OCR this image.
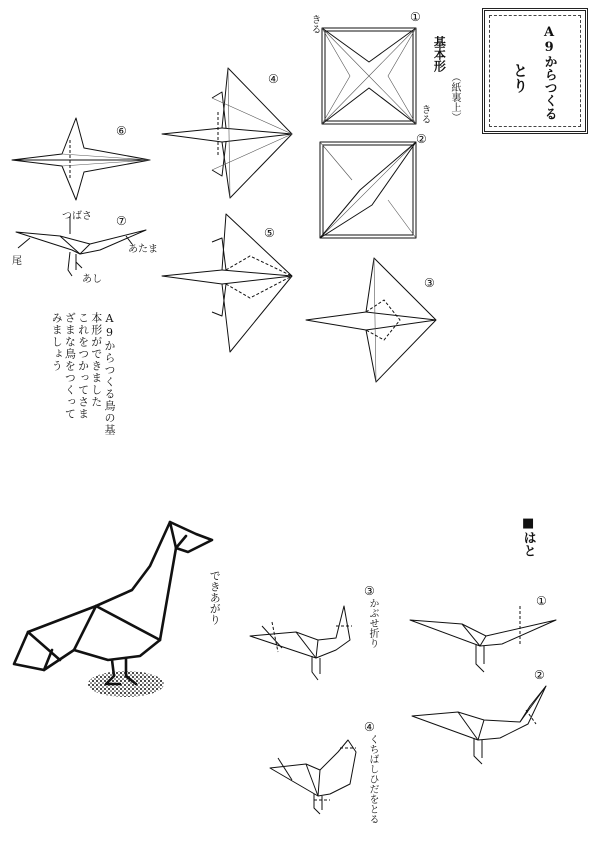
A9からつくる
とり
基本形
（紙裏上）
きる
きる
①
②
③
④
⑤
⑥
⑦
つばさ
あたま
尾
あし
A9からつくる鳥の基
本形ができました
これをつかってさま
ざまな鳥をつくって
みましょう
■はと
できあがり	①
②
③
かぶせ折り
④
くちばしひだをとる
